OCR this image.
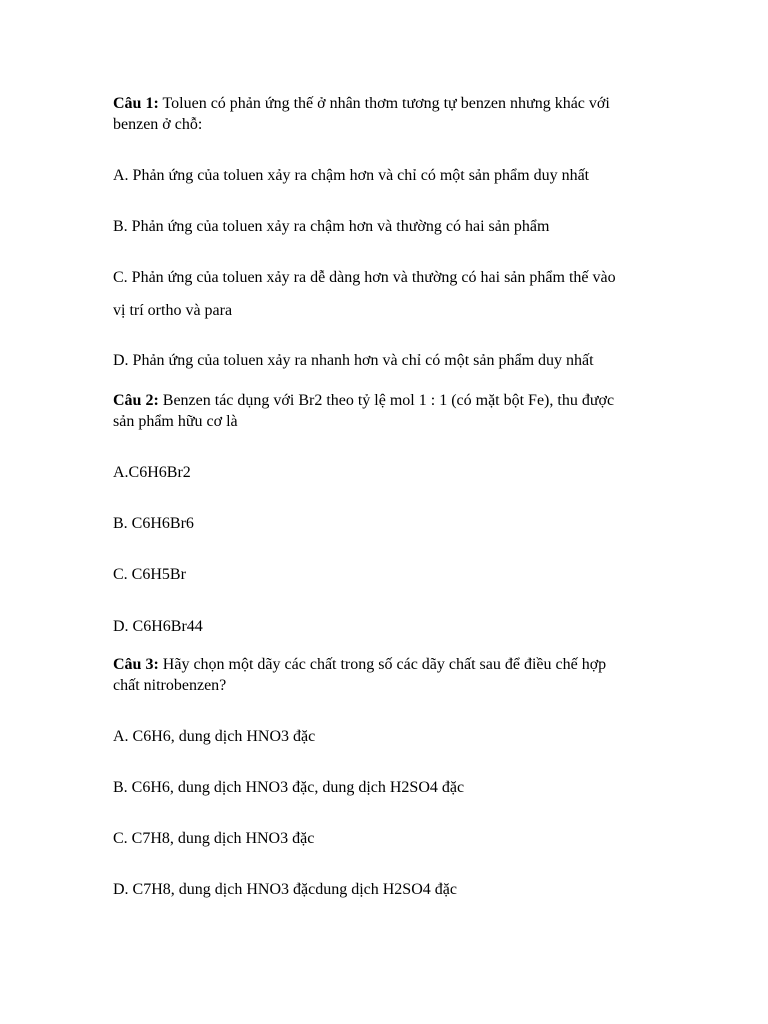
Câu 1: Toluen có phản ứng thế ở nhân thơm tương tự benzen nhưng khác với
benzen ở chỗ:
A. Phản ứng của toluen xảy ra chậm hơn và chỉ có một sản phẩm duy nhất
B. Phản ứng của toluen xảy ra chậm hơn và thường có hai sản phẩm
C. Phản ứng của toluen xảy ra dễ dàng hơn và thường có hai sản phẩm thế vào
vị trí ortho và para
D. Phản ứng của toluen xảy ra nhanh hơn và chỉ có một sản phẩm duy nhất
Câu 2: Benzen tác dụng với Br2 theo tỷ lệ mol 1 : 1 (có mặt bột Fe), thu được
sản phẩm hữu cơ là
A.C6H6Br2
B. C6H6Br6
C. C6H5Br
D. C6H6Br44
Câu 3: Hãy chọn một dãy các chất trong số các dãy chất sau để điều chế hợp
chất nitrobenzen?
A. C6H6, dung dịch HNO3 đặc
B. C6H6, dung dịch HNO3 đặc, dung dịch H2SO4 đặc
C. C7H8, dung dịch HNO3 đặc
D. C7H8, dung dịch HNO3 đặcdung dịch H2SO4 đặc
